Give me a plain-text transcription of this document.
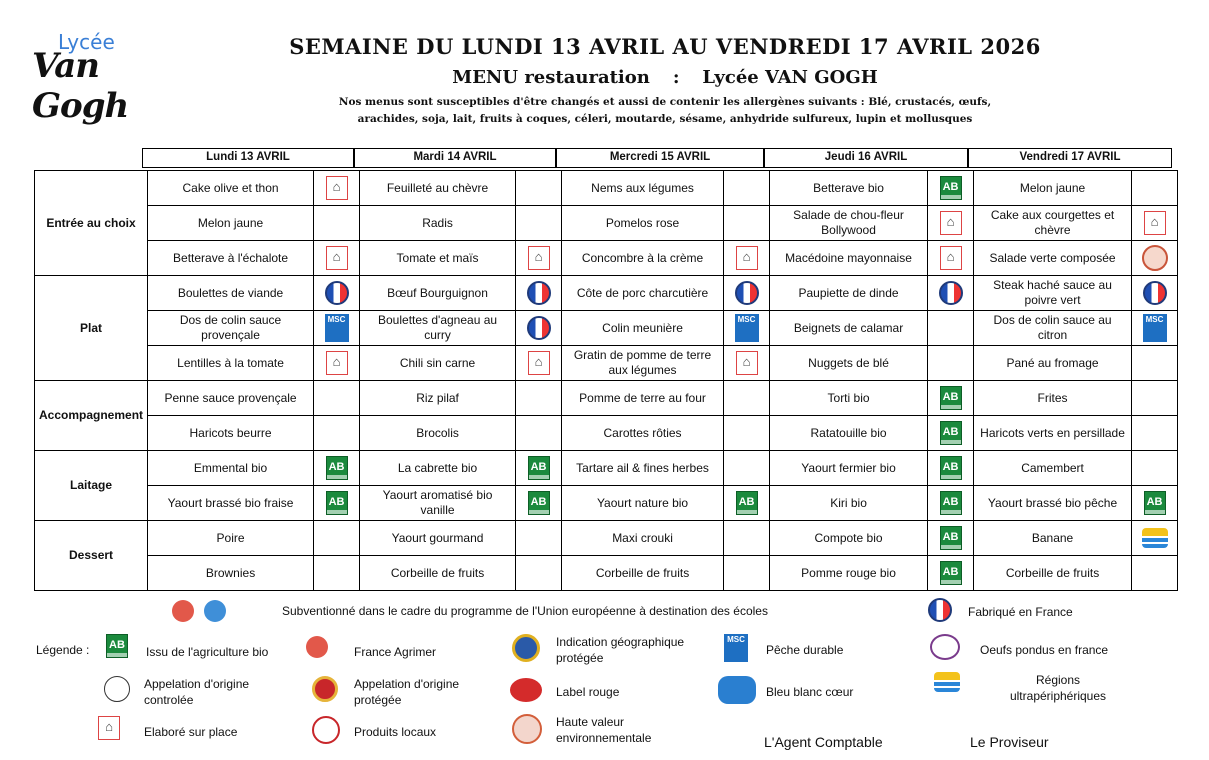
Lycée
Van Gogh
SEMAINE DU LUNDI 13 AVRIL AU VENDREDI 17 AVRIL 2026
MENU restauration : Lycée VAN GOGH
Nos menus sont susceptibles d'être changés et aussi de contenir les allergènes suivants : Blé, crustacés, œufs,
arachides, soja, lait, fruits à coques, céleri, moutarde, sésame, anhydride sulfureux, lupin et mollusques
Lundi 13 AVRIL	Mardi 14 AVRIL	Mercredi 15 AVRIL	Jeudi 16 AVRIL	Vendredi 17 AVRIL
Entrée au choix	Cake olive et thon	⌂	Feuilleté au chèvre		Nems aux légumes		Betterave bio	AB	Melon jaune	
	Melon jaune		Radis		Pomelos rose		Salade de chou-fleur Bollywood	⌂	Cake aux courgettes et chèvre	⌂
	Betterave à l'échalote	⌂	Tomate et maïs	⌂	Concombre à la crème	⌂	Macédoine mayonnaise	⌂	Salade verte composée	
Plat	Boulettes de viande		Bœuf Bourguignon		Côte de porc charcutière		Paupiette de dinde		Steak haché sauce au poivre vert	
	Dos de colin sauce provençale	MSC	Boulettes d'agneau au curry		Colin meunière	MSC	Beignets de calamar		Dos de colin sauce au citron	MSC
	Lentilles à la tomate	⌂	Chili sin carne	⌂	Gratin de pomme de terre aux légumes	⌂	Nuggets de blé		Pané au fromage	
Accompagnement	Penne sauce provençale		Riz pilaf		Pomme de terre au four		Torti bio	AB	Frites	
	Haricots beurre		Brocolis		Carottes rôties		Ratatouille bio	AB	Haricots verts en persillade	
Laitage	Emmental bio	AB	La cabrette bio	AB	Tartare ail & fines herbes		Yaourt fermier bio	AB	Camembert	
	Yaourt brassé bio fraise	AB	Yaourt aromatisé bio vanille	AB	Yaourt nature bio	AB	Kiri bio	AB	Yaourt brassé bio pêche	AB
Dessert	Poire		Yaourt gourmand		Maxi crouki		Compote bio	AB	Banane	
	Brownies		Corbeille de fruits		Corbeille de fruits		Pomme rouge bio	AB	Corbeille de fruits	

Subventionné dans le cadre du programme de l'Union européenne à destination des écoles	Fabriqué en France
Légende : AB Issu de l'agriculture bio	France Agrimer
Indication géographique protégée
MSC
Pêche durable	Oeufs pondus en france
Appelation d'origine controlée
Appelation d'origine protégée
Label rouge	Bleu blanc cœur
Régions ultrapériphériques
⌂	Elaboré sur place	Produits locaux
Haute valeur environnementale	L'Agent Comptable	Le Proviseur
